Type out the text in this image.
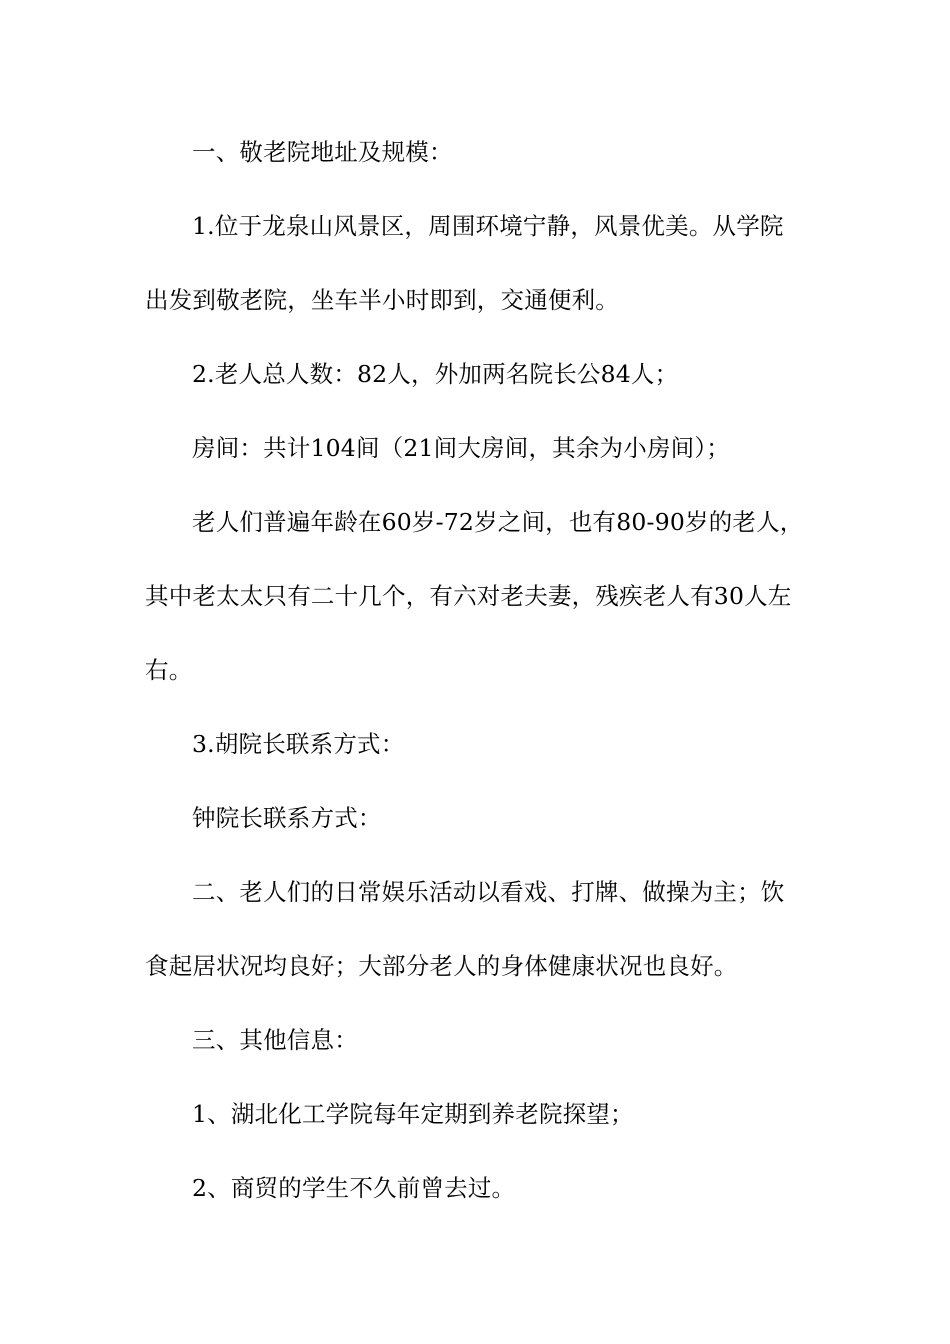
一、敬老院地址及规模：
1.位于龙泉山风景区，周围环境宁静，风景优美。从学院
出发到敬老院，坐车半小时即到，交通便利。
2.老人总人数：82人，外加两名院长公84人；
房间：共计104间（21间大房间，其余为小房间）；
老人们普遍年龄在60岁-72岁之间，也有80-90岁的老人，
其中老太太只有二十几个，有六对老夫妻，残疾老人有30人左
右。
3.胡院长联系方式：
钟院长联系方式：
二、老人们的日常娱乐活动以看戏、打牌、做操为主；饮
食起居状况均良好；大部分老人的身体健康状况也良好。
三、其他信息：
1、湖北化工学院每年定期到养老院探望；
2、商贸的学生不久前曾去过。
